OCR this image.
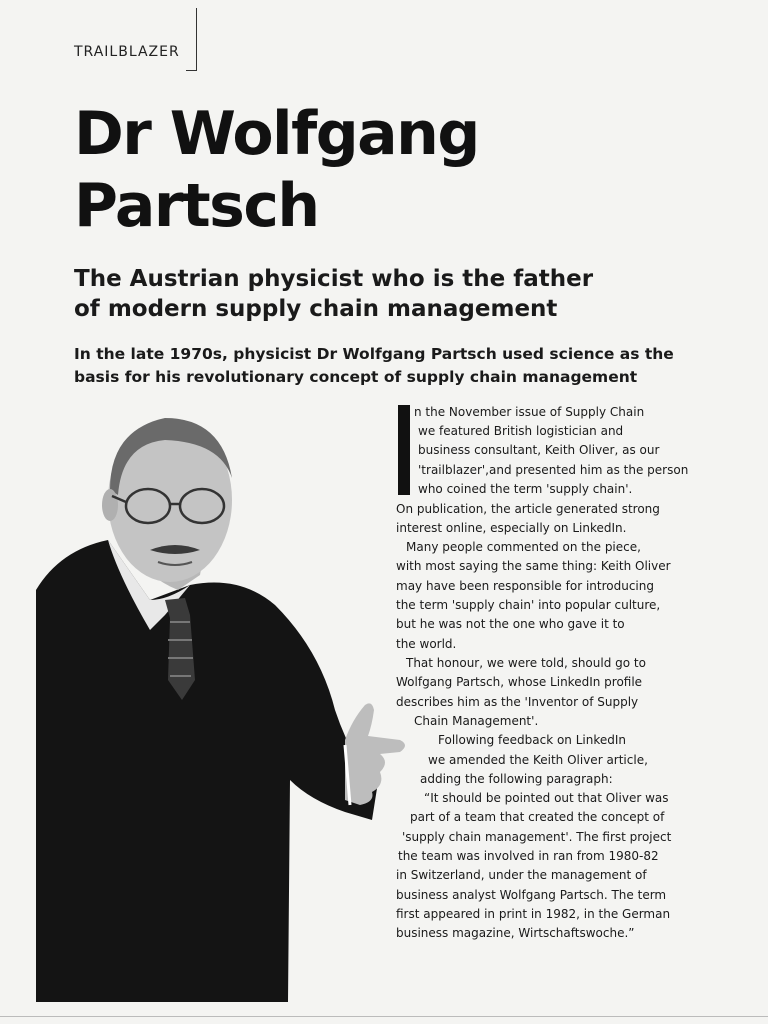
TRAILBLAZER
Dr Wolfgang
Partsch
The Austrian physicist who is the father
of modern supply chain management

In the late 1970s, physicist Dr Wolfgang Partsch used science as the
basis for his revolutionary concept of supply chain management

n the November issue of Supply Chain
we featured British logistician and
business consultant, Keith Oliver, as our
'trailblazer',and presented him as the person
who coined the term 'supply chain'.
On publication, the article generated strong
interest online, especially on LinkedIn.
Many people commented on the piece,
with most saying the same thing: Keith Oliver
may have been responsible for introducing
the term 'supply chain' into popular culture,
but he was not the one who gave it to
the world.
That honour, we were told, should go to
Wolfgang Partsch, whose LinkedIn profile
describes him as the 'Inventor of Supply
Chain Management'.
Following feedback on LinkedIn
we amended the Keith Oliver article,
adding the following paragraph:
“It should be pointed out that Oliver was
part of a team that created the concept of
'supply chain management'. The first project
the team was involved in ran from 1980-82
in Switzerland, under the management of
business analyst Wolfgang Partsch. The term
first appeared in print in 1982, in the German
business magazine, Wirtschaftswoche.”
